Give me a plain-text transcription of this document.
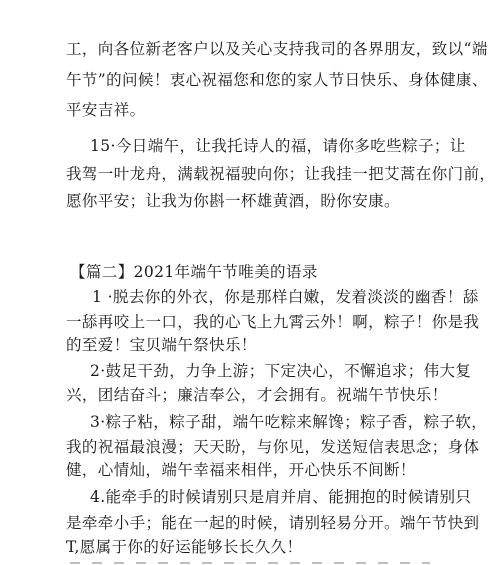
工，向各位新老客户以及关心支持我司的各界朋友，致以“端
午节”的问候！衷心祝福您和您的家人节日快乐、身体健康、
平安吉祥。
15·今日端午，让我托诗人的福，请你多吃些粽子；让
我驾一叶龙舟，满载祝福驶向你；让我挂一把艾蒿在你门前，
愿你平安；让我为你斟一杯雄黄酒，盼你安康。
【篇二】2021年端午节唯美的语录
1 ·脱去你的外衣，你是那样白嫩，发着淡淡的幽香！舔
一舔再咬上一口，我的心飞上九霄云外！啊，粽子！你是我
的至爱！宝贝端午祭快乐！
2·鼓足干劲，力争上游；下定决心，不懈追求；伟大复
兴，团结奋斗；廉洁奉公，才会拥有。祝端午节快乐！
3·粽子粘，粽子甜，端午吃粽来解馋；粽子香，粽子软，
我的祝福最浪漫；天天盼，与你见，发送短信表思念；身体
健，心情灿，端午幸福来相伴，开心快乐不间断！
4.能牵手的时候请别只是肩并肩、能拥抱的时候请别只
是牵牵小手；能在一起的时候，请别轻易分开。端午节快到
T,愿属于你的好运能够长长久久！
